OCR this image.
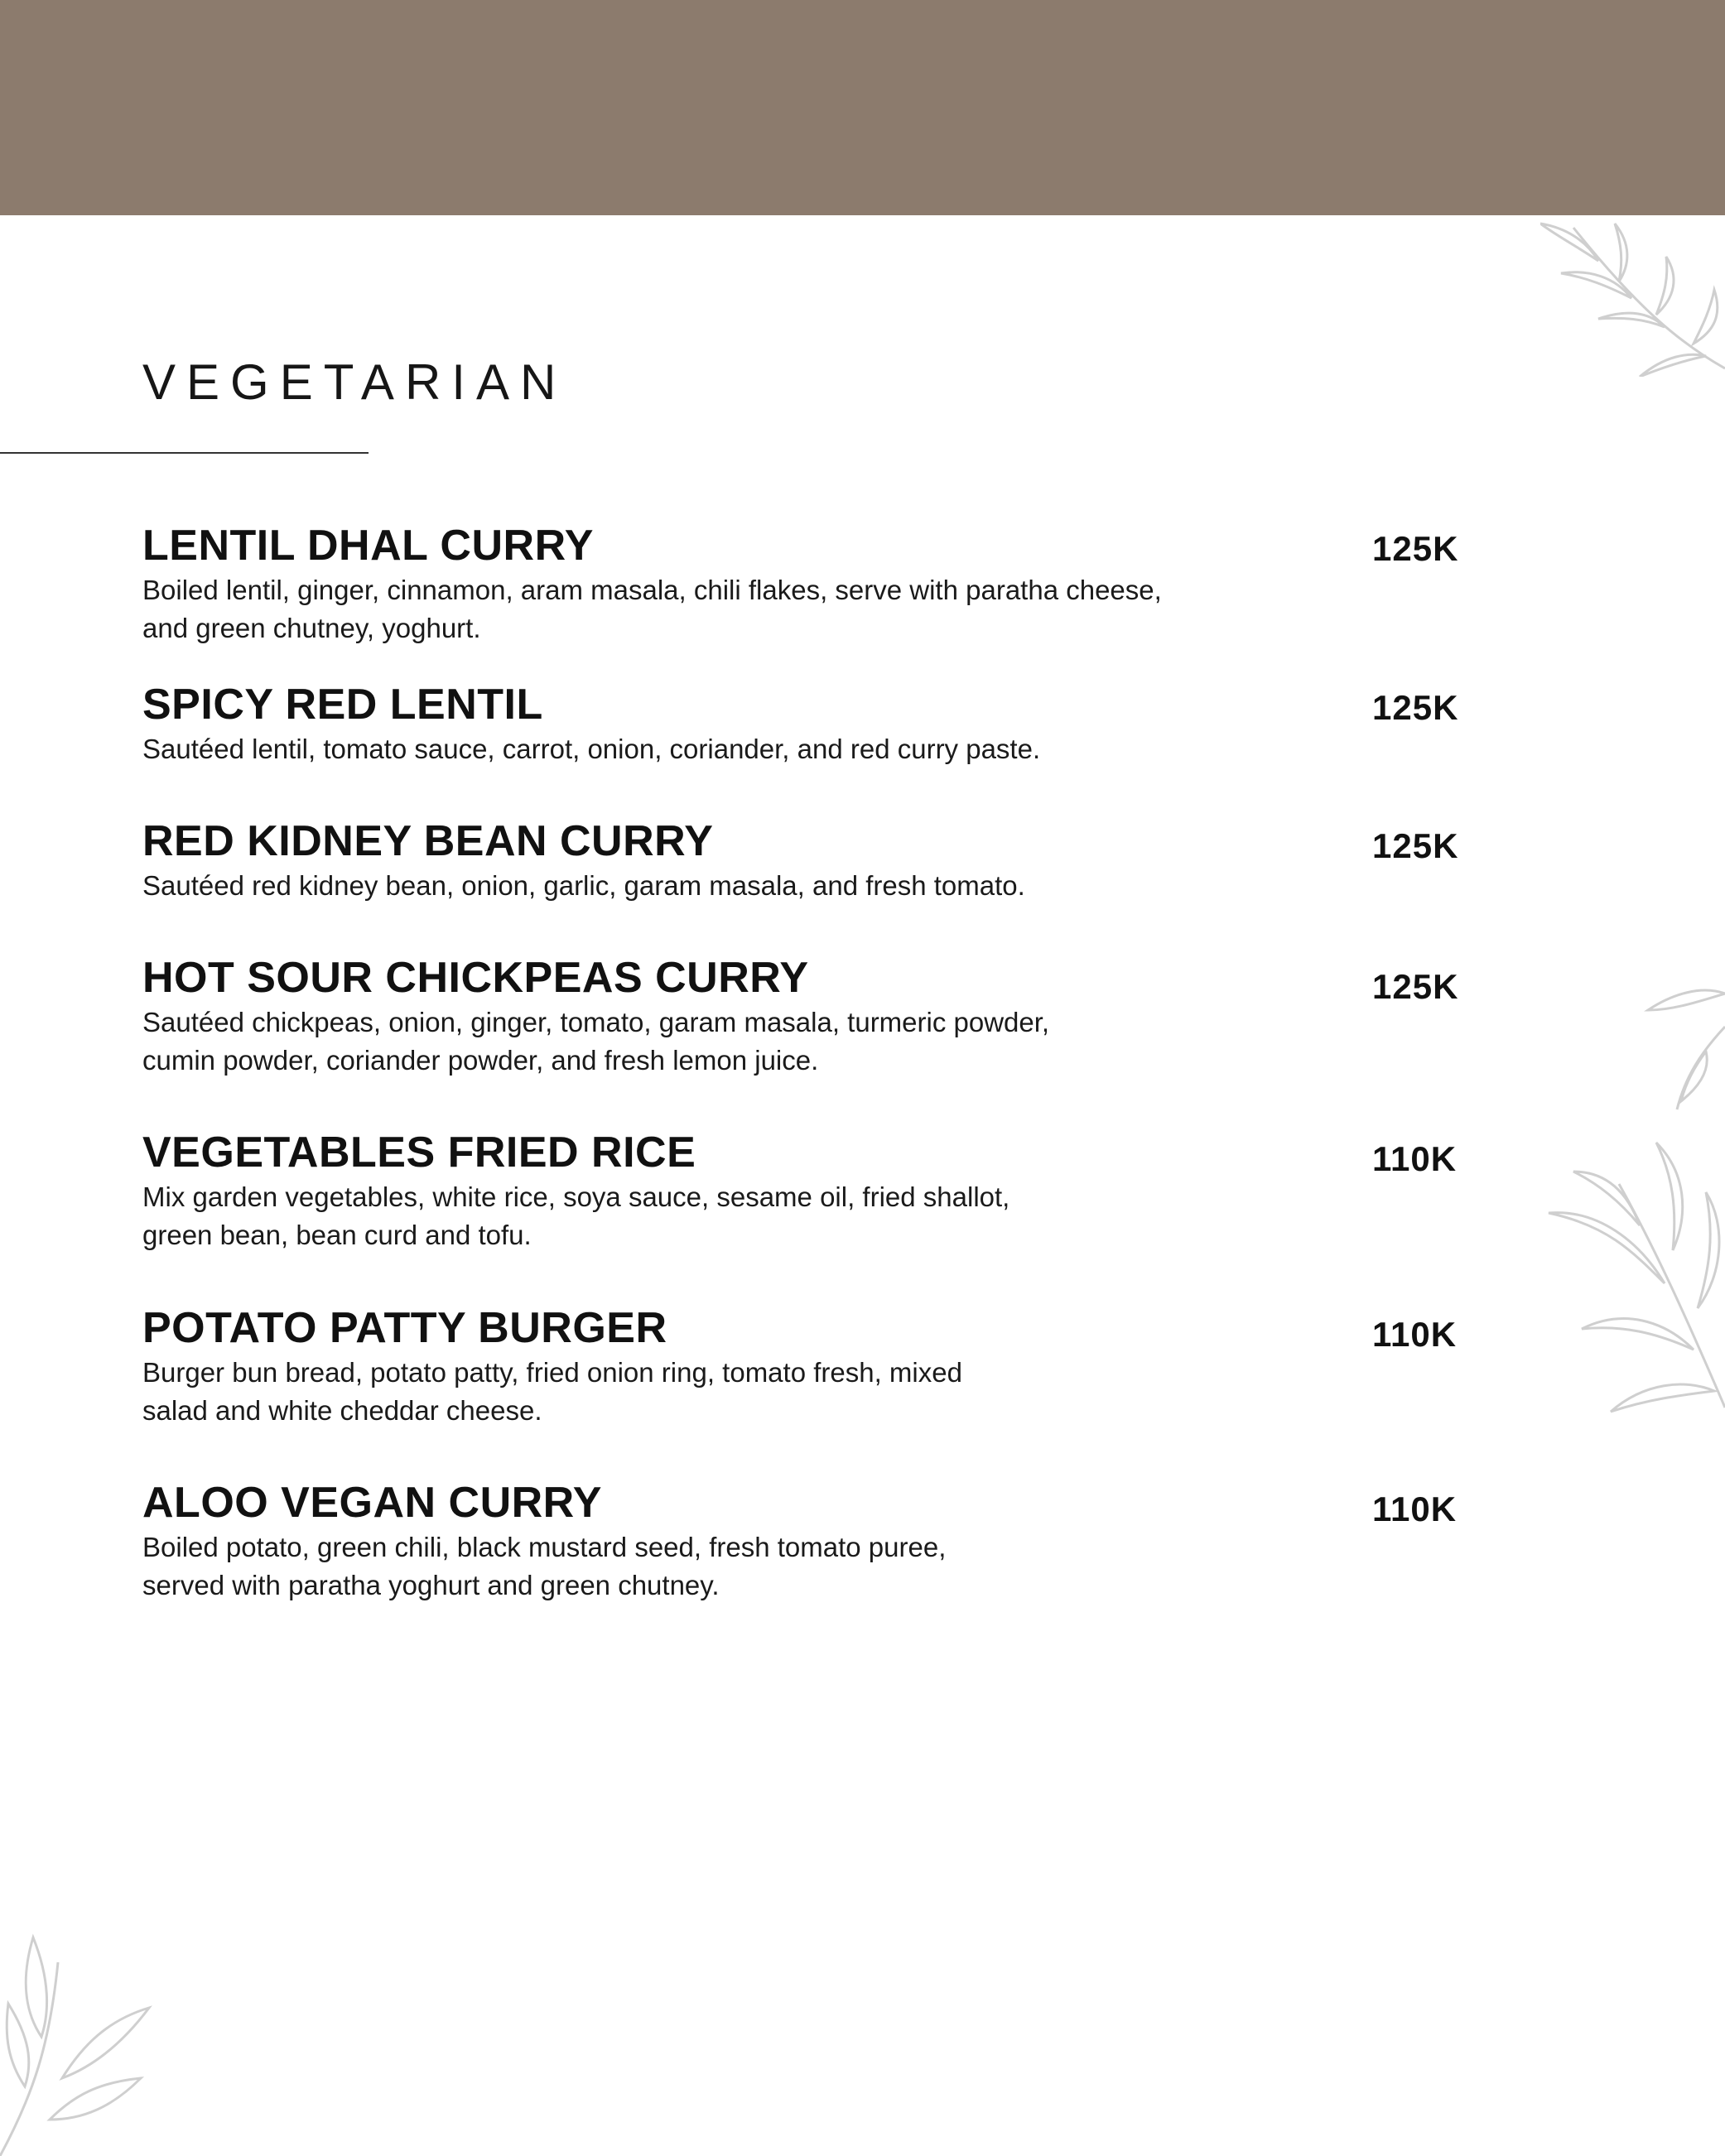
VEGETARIAN

LENTIL DHAL CURRY

Boiled lentil, ginger, cinnamon, aram masala, chili flakes, serve with paratha cheese, and green chutney, yoghurt.

125K

SPICY RED LENTIL

Sautéed lentil, tomato sauce, carrot, onion, coriander, and red curry paste.

125K

RED KIDNEY BEAN CURRY

Sautéed red kidney bean, onion, garlic, garam masala, and fresh tomato.

125K

HOT SOUR CHICKPEAS CURRY

Sautéed chickpeas, onion, ginger, tomato, garam masala, turmeric powder, cumin powder, coriander powder, and fresh lemon juice.

125K

VEGETABLES FRIED RICE

Mix garden vegetables, white rice, soya sauce, sesame oil, fried shallot, green bean, bean curd and tofu.

110K

POTATO PATTY BURGER

Burger bun bread, potato patty, fried onion ring, tomato fresh, mixed salad and white cheddar cheese.

110K

ALOO VEGAN CURRY

Boiled potato, green chili, black mustard seed, fresh tomato puree, served with paratha yoghurt and green chutney.

110K
